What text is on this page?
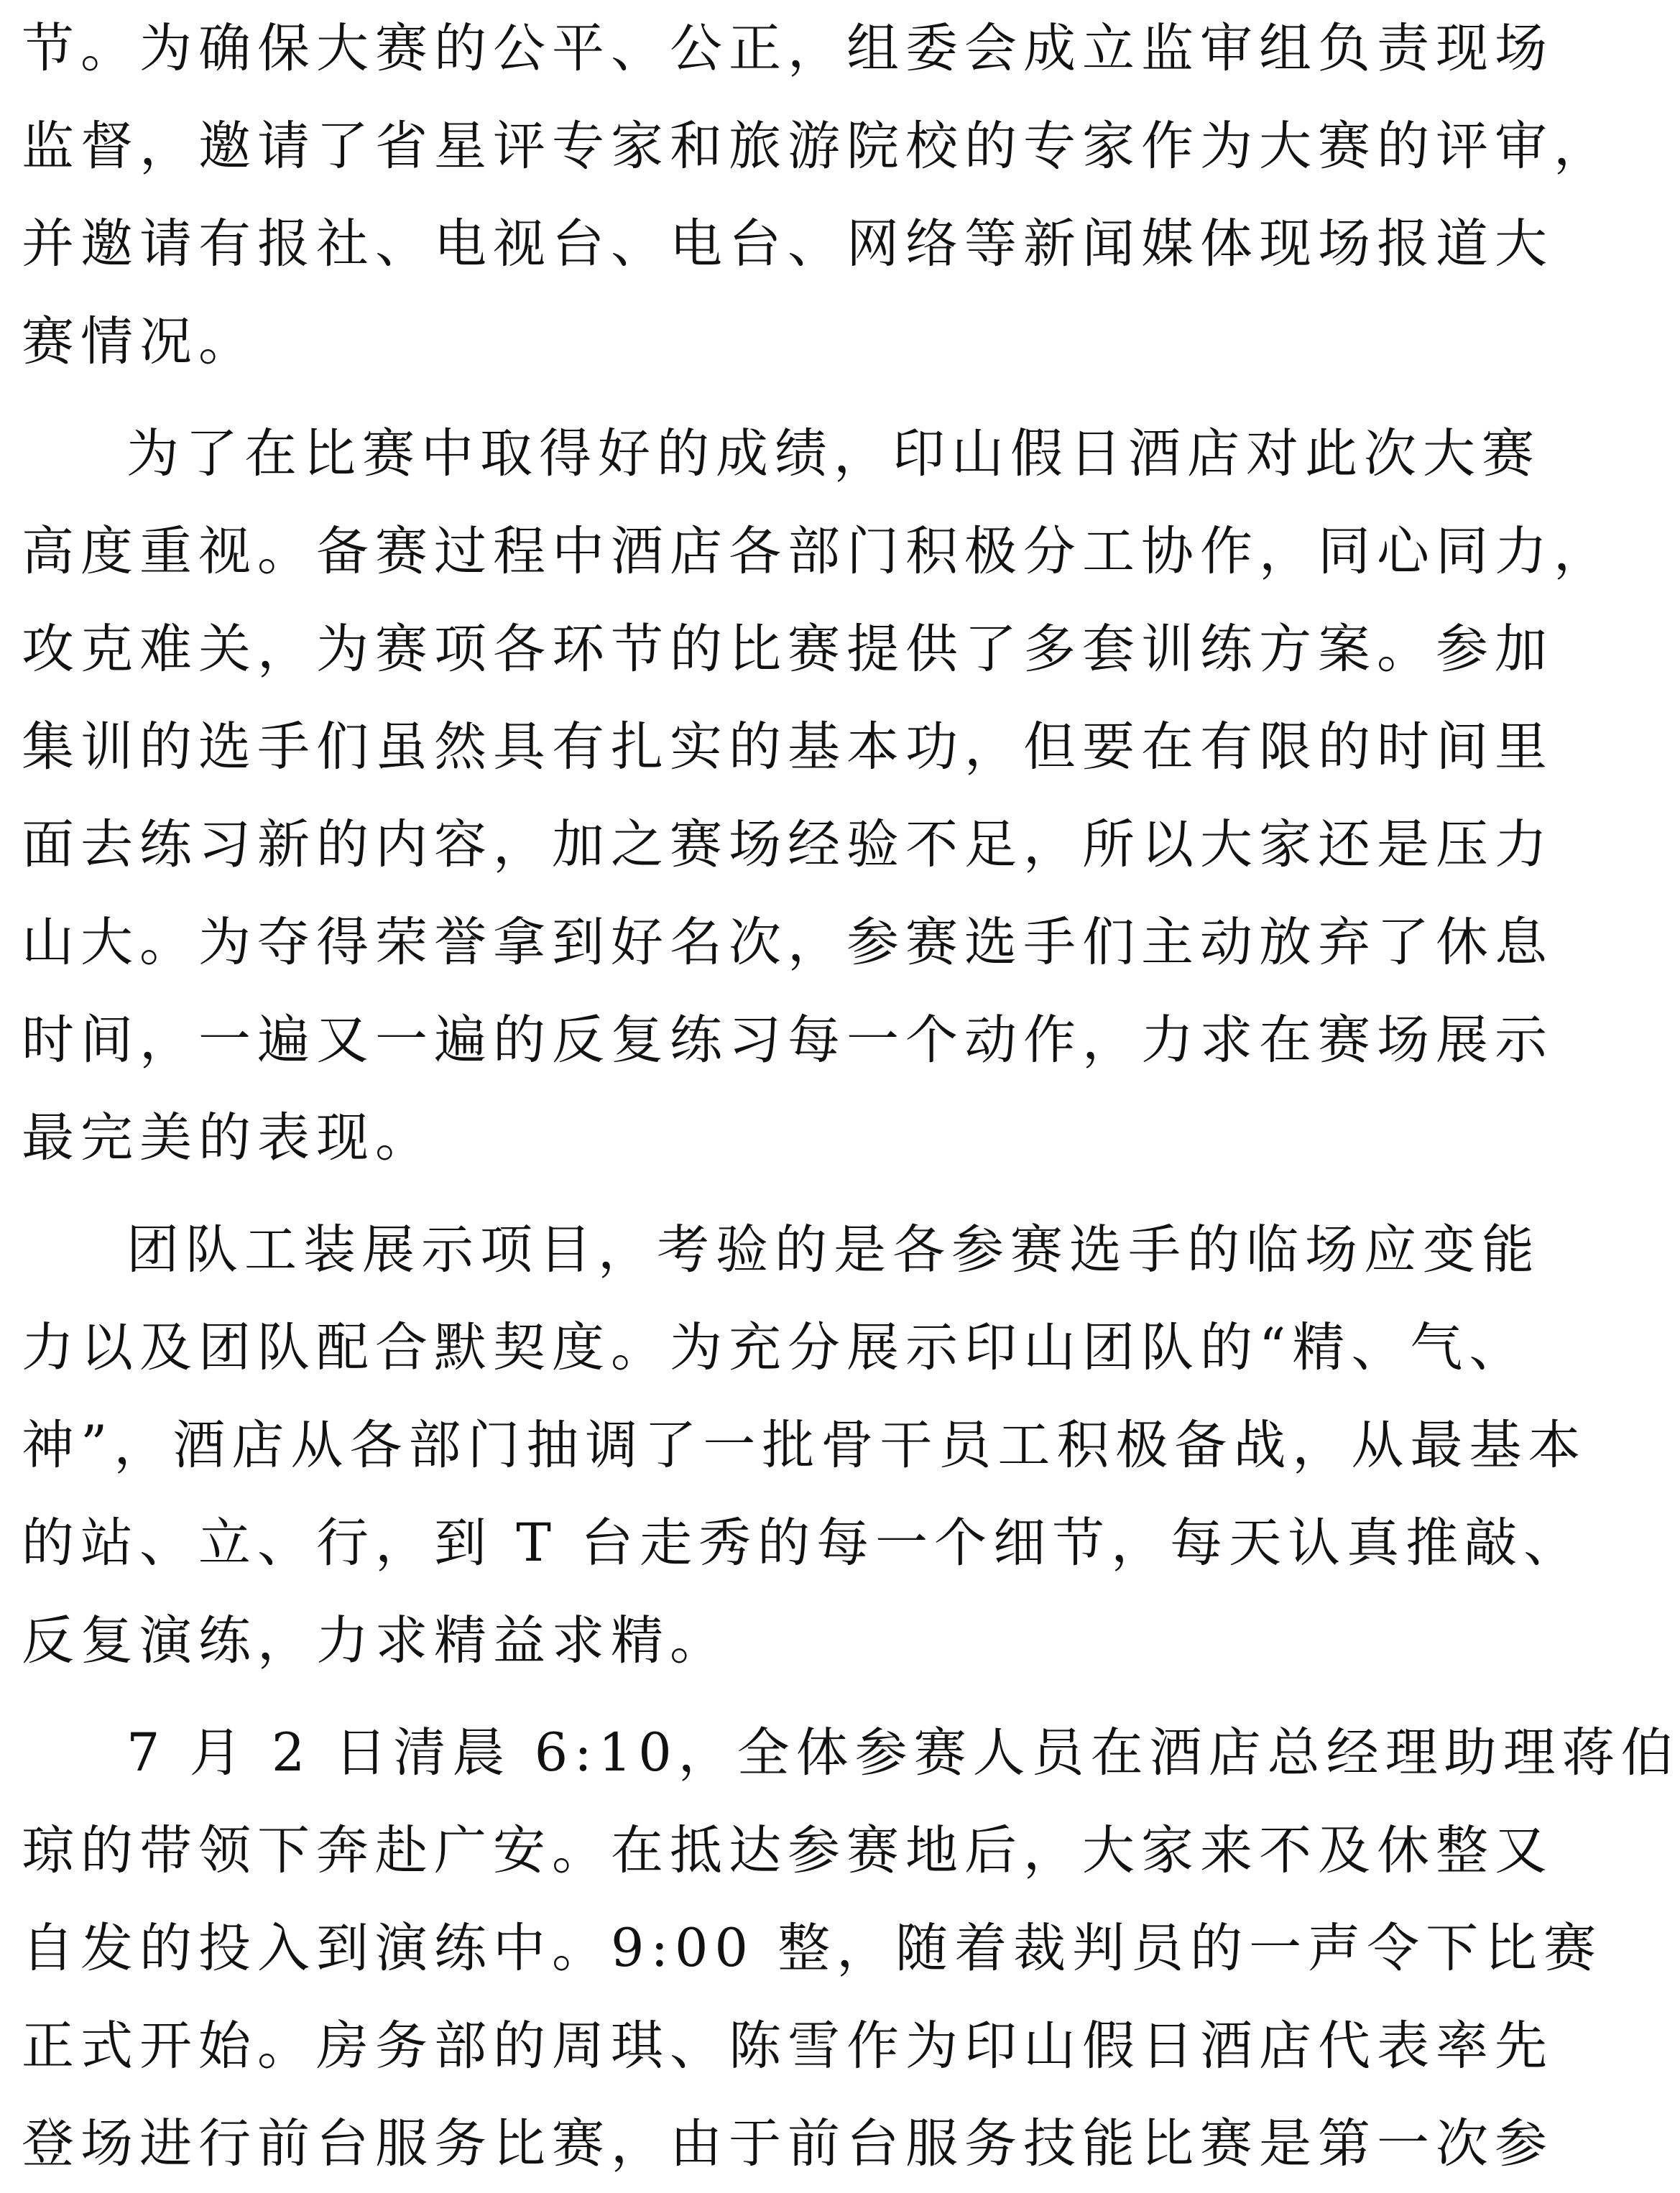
节。为确保大赛的公平、公正，组委会成立监审组负责现场
监督，邀请了省星评专家和旅游院校的专家作为大赛的评审，
并邀请有报社、电视台、电台、网络等新闻媒体现场报道大
赛情况。
为了在比赛中取得好的成绩，印山假日酒店对此次大赛
高度重视。备赛过程中酒店各部门积极分工协作，同心同力，
攻克难关，为赛项各环节的比赛提供了多套训练方案。参加
集训的选手们虽然具有扎实的基本功，但要在有限的时间里
面去练习新的内容，加之赛场经验不足，所以大家还是压力
山大。为夺得荣誉拿到好名次，参赛选手们主动放弃了休息
时间，一遍又一遍的反复练习每一个动作，力求在赛场展示
最完美的表现。
团队工装展示项目，考验的是各参赛选手的临场应变能
力以及团队配合默契度。为充分展示印山团队的“精、气、
神”，酒店从各部门抽调了一批骨干员工积极备战，从最基本
的站、立、行，到 T 台走秀的每一个细节，每天认真推敲、
反复演练，力求精益求精。
7 月 2 日清晨 6:10，全体参赛人员在酒店总经理助理蒋伯
琼的带领下奔赴广安。在抵达参赛地后，大家来不及休整又
自发的投入到演练中。9:00 整，随着裁判员的一声令下比赛
正式开始。房务部的周琪、陈雪作为印山假日酒店代表率先
登场进行前台服务比赛，由于前台服务技能比赛是第一次参
